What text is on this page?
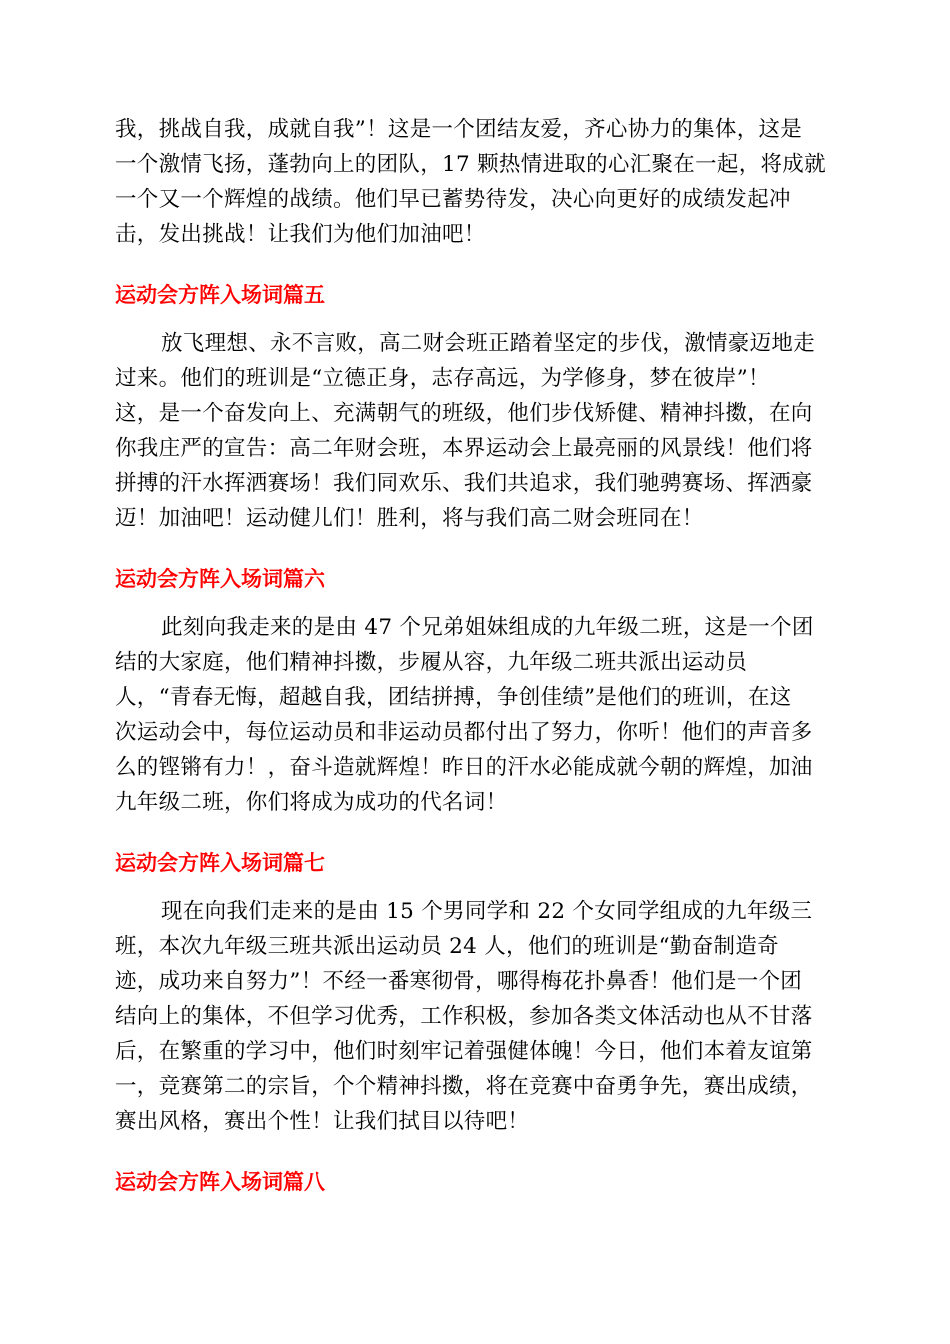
我，挑战自我，成就自我”！这是一个团结友爱，齐心协力的集体，这是
一个激情飞扬，蓬勃向上的团队，17 颗热情进取的心汇聚在一起，将成就
一个又一个辉煌的战绩。他们早已蓄势待发，决心向更好的成绩发起冲
击，发出挑战！让我们为他们加油吧！

运动会方阵入场词篇五

放飞理想、永不言败，高二财会班正踏着坚定的步伐，激情豪迈地走
过来。他们的班训是“立德正身，志存高远，为学修身，梦在彼岸”！
这，是一个奋发向上、充满朝气的班级，他们步伐矫健、精神抖擞，在向
你我庄严的宣告：高二年财会班，本界运动会上最亮丽的风景线！他们将
拼搏的汗水挥洒赛场！我们同欢乐、我们共追求，我们驰骋赛场、挥洒豪
迈！加油吧！运动健儿们！胜利，将与我们高二财会班同在！

运动会方阵入场词篇六

此刻向我走来的是由 47 个兄弟姐妹组成的九年级二班，这是一个团
结的大家庭，他们精神抖擞，步履从容，九年级二班共派出运动员
人，“青春无悔，超越自我，团结拼搏，争创佳绩”是他们的班训，在这
次运动会中，每位运动员和非运动员都付出了努力，你听！他们的声音多
么的铿锵有力！，奋斗造就辉煌！昨日的汗水必能成就今朝的辉煌，加油
九年级二班，你们将成为成功的代名词！

运动会方阵入场词篇七

现在向我们走来的是由 15 个男同学和 22 个女同学组成的九年级三
班，本次九年级三班共派出运动员 24 人，他们的班训是“勤奋制造奇
迹，成功来自努力”！不经一番寒彻骨，哪得梅花扑鼻香！他们是一个团
结向上的集体，不但学习优秀，工作积极，参加各类文体活动也从不甘落
后，在繁重的学习中，他们时刻牢记着强健体魄！今日，他们本着友谊第
一，竞赛第二的宗旨，个个精神抖擞，将在竞赛中奋勇争先，赛出成绩，
赛出风格，赛出个性！让我们拭目以待吧！

运动会方阵入场词篇八
